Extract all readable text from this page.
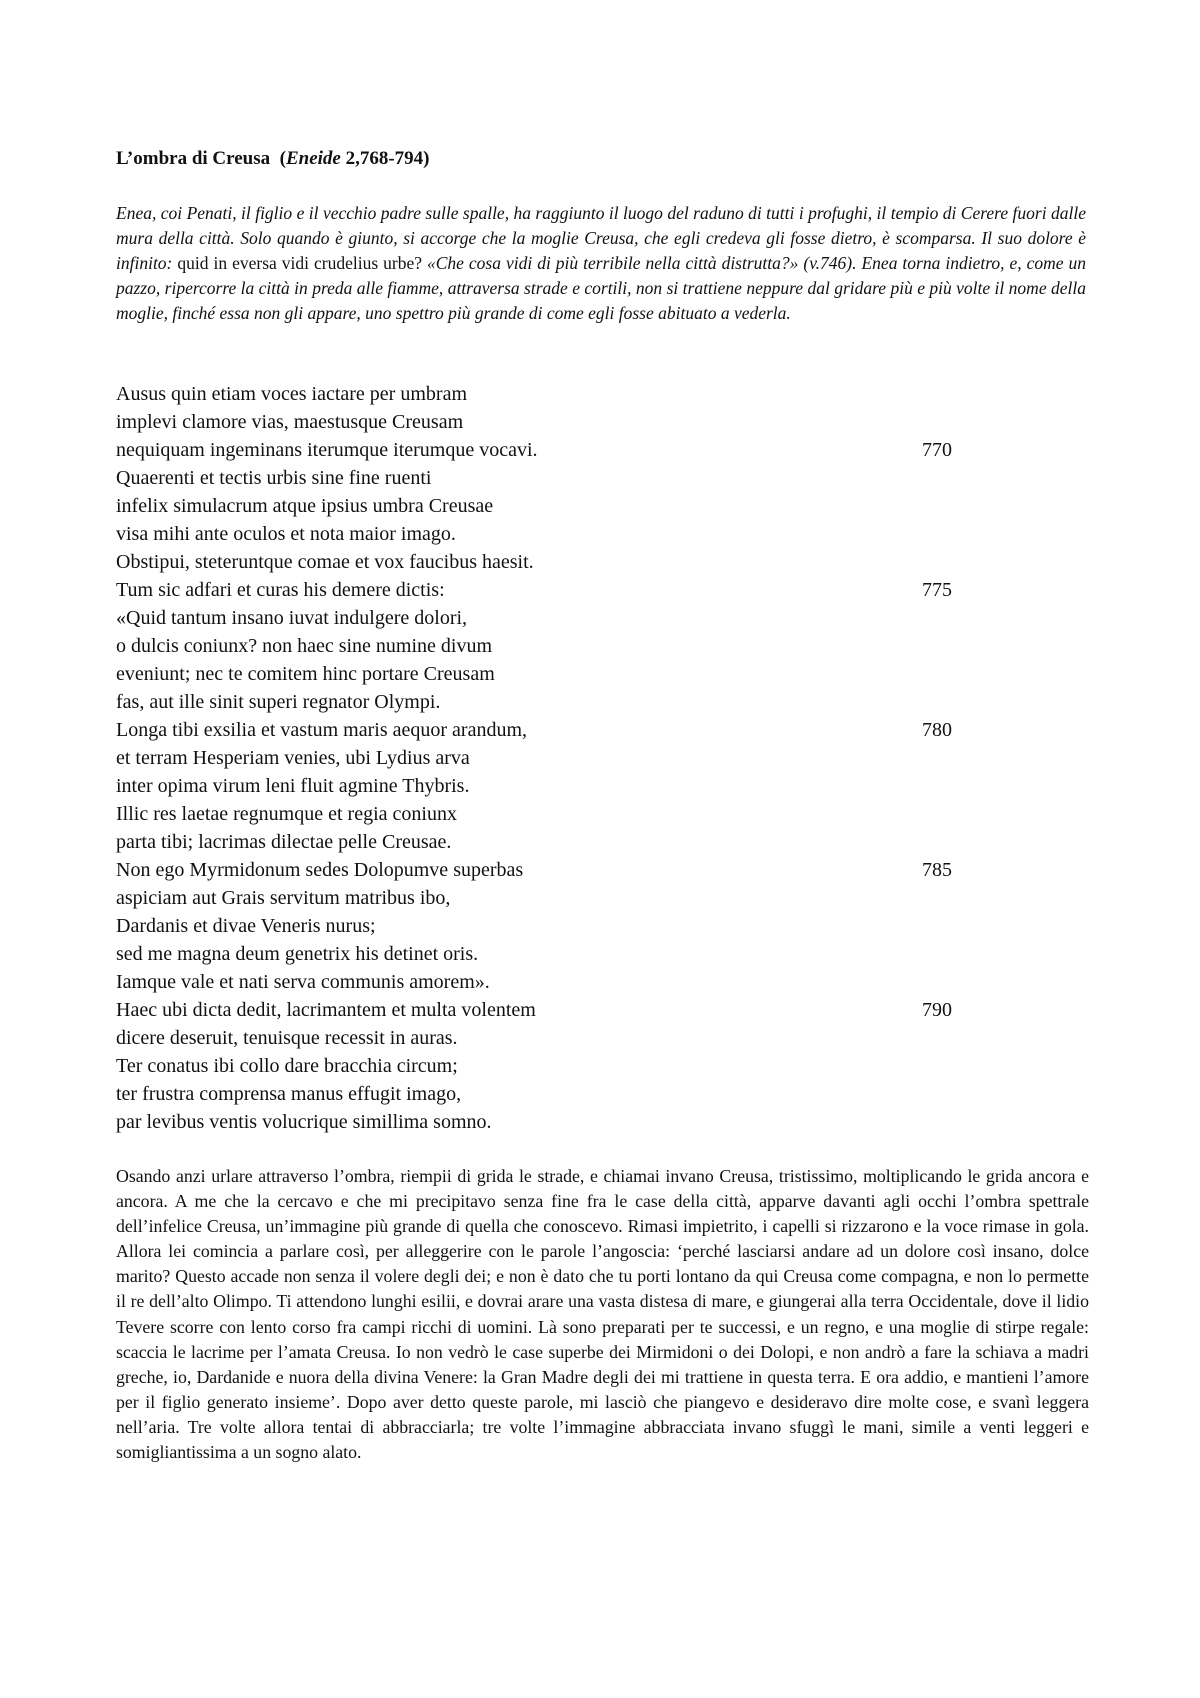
L’ombra di Creusa (Eneide 2,768-794)
Enea, coi Penati, il figlio e il vecchio padre sulle spalle, ha raggiunto il luogo del raduno di tutti i profughi, il tempio di Cerere fuori dalle mura della città. Solo quando è giunto, si accorge che la moglie Creusa, che egli credeva gli fosse dietro, è scomparsa. Il suo dolore è infinito: quid in eversa vidi crudelius urbe? «Che cosa vidi di più terribile nella città distrutta?» (v.746). Enea torna indietro, e, come un pazzo, ripercorre la città in preda alle fiamme, attraversa strade e cortili, non si trattiene neppure dal gridare più e più volte il nome della moglie, finché essa non gli appare, uno spettro più grande di come egli fosse abituato a vederla.
Ausus quin etiam voces iactare per umbram
implevi clamore vias, maestusque Creusam
nequiquam ingeminans iterumque iterumque vocavi.	770
Quaerenti et tectis urbis sine fine ruenti
infelix simulacrum atque ipsius umbra Creusae
visa mihi ante oculos et nota maior imago.
Obstipui, steteruntque comae et vox faucibus haesit.
Tum sic adfari et curas his demere dictis:	775
«Quid tantum insano iuvat indulgere dolori,
o dulcis coniunx? non haec sine numine divum
eveniunt; nec te comitem hinc portare Creusam
fas, aut ille sinit superi regnator Olympi.
Longa tibi exsilia et vastum maris aequor arandum,	780
et terram Hesperiam venies, ubi Lydius arva
inter opima virum leni fluit agmine Thybris.
Illic res laetae regnumque et regia coniunx
parta tibi; lacrimas dilectae pelle Creusae.
Non ego Myrmidonum sedes Dolopumve superbas	785
aspiciam aut Grais servitum matribus ibo,
Dardanis et divae Veneris nurus;
sed me magna deum genetrix his detinet oris.
Iamque vale et nati serva communis amorem».
Haec ubi dicta dedit, lacrimantem et multa volentem	790
dicere deseruit, tenuisque recessit in auras.
Ter conatus ibi collo dare bracchia circum;
ter frustra comprensa manus effugit imago,
par levibus ventis volucrique simillima somno.
Osando anzi urlare attraverso l’ombra, riempii di grida le strade, e chiamai invano Creusa, tristissimo, moltiplicando le grida ancora e ancora. A me che la cercavo e che mi precipitavo senza fine fra le case della città, apparve davanti agli occhi l’ombra spettrale dell’infelice Creusa, un’immagine più grande di quella che conoscevo. Rimasi impietrito, i capelli si rizzarono e la voce rimase in gola. Allora lei comincia a parlare così, per alleggerire con le parole l’angoscia: ‘perché lasciarsi andare ad un dolore così insano, dolce marito? Questo accade non senza il volere degli dei; e non è dato che tu porti lontano da qui Creusa come compagna, e non lo permette il re dell’alto Olimpo. Ti attendono lunghi esilii, e dovrai arare una vasta distesa di mare, e giungerai alla terra Occidentale, dove il lidio Tevere scorre con lento corso fra campi ricchi di uomini. Là sono preparati per te successi, e un regno, e una moglie di stirpe regale: scaccia le lacrime per l’amata Creusa. Io non vedrò le case superbe dei Mirmidoni o dei Dolopi, e non andrò a fare la schiava a madri greche, io, Dardanide e nuora della divina Venere: la Gran Madre degli dei mi trattiene in questa terra. E ora addio, e mantieni l’amore per il figlio generato insieme’. Dopo aver detto queste parole, mi lasciò che piangevo e desideravo dire molte cose, e svanì leggera nell’aria. Tre volte allora tentai di abbracciarla; tre volte l’immagine abbracciata invano sfuggì le mani, simile a venti leggeri e somigliantissima a un sogno alato.
